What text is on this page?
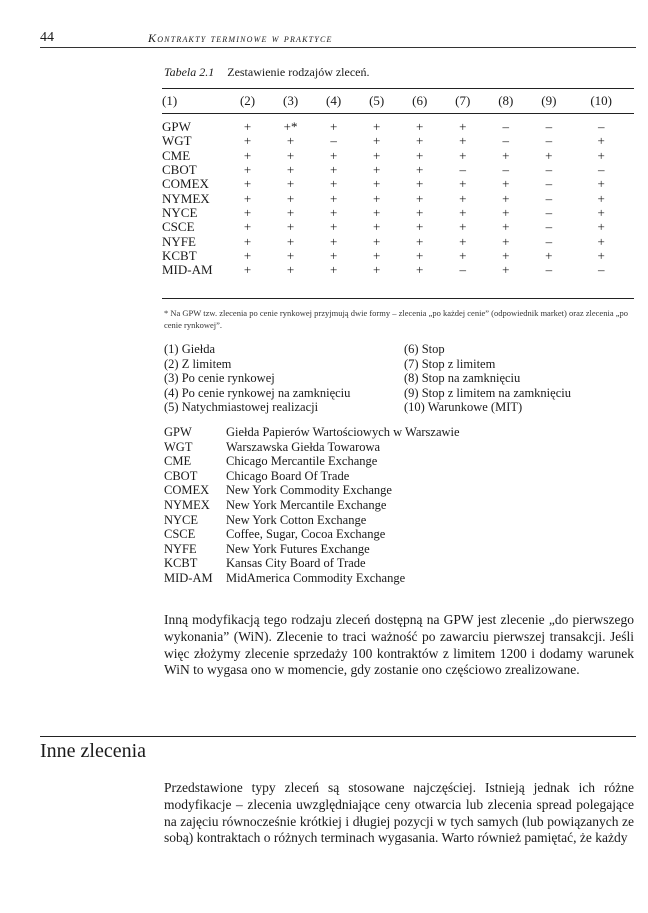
44	Kontrakty terminowe w praktyce
Tabela 2.1 Zestawienie rodzajów zleceń.
(1)	(2)	(3)	(4)	(5)	(6)	(7)	(8)	(9)	(10)
GPW	+	+*	+	+	+	+	–	–	–
WGT	+	+	–	+	+	+	–	–	+
CME	+	+	+	+	+	+	+	+	+
CBOT	+	+	+	+	+	–	–	–	–
COMEX	+	+	+	+	+	+	+	–	+
NYMEX	+	+	+	+	+	+	+	–	+
NYCE	+	+	+	+	+	+	+	–	+
CSCE	+	+	+	+	+	+	+	–	+
NYFE	+	+	+	+	+	+	+	–	+
KCBT	+	+	+	+	+	+	+	+	+
MID-AM	+	+	+	+	+	–	+	–	–
* Na GPW tzw. zlecenia po cenie rynkowej przyjmują dwie formy – zlecenia „po każdej cenie” (odpowiednik market) oraz zlecenia „po cenie rynkowej”.
(1) Giełda
(2) Z limitem
(3) Po cenie rynkowej
(4) Po cenie rynkowej na zamknięciu
(5) Natychmiastowej realizacji
(6) Stop
(7) Stop z limitem
(8) Stop na zamknięciu
(9) Stop z limitem na zamknięciu
(10) Warunkowe (MIT)
GPW	Giełda Papierów Wartościowych w Warszawie
WGT	Warszawska Giełda Towarowa
CME	Chicago Mercantile Exchange
CBOT	Chicago Board Of Trade
COMEX	New York Commodity Exchange
NYMEX	New York Mercantile Exchange
NYCE	New York Cotton Exchange
CSCE	Coffee, Sugar, Cocoa Exchange
NYFE	New York Futures Exchange
KCBT	Kansas City Board of Trade
MID-AM	MidAmerica Commodity Exchange
Inną modyfikacją tego rodzaju zleceń dostępną na GPW jest zlecenie „do pierwszego wykonania” (WiN). Zlecenie to traci ważność po zawarciu pierwszej transakcji. Jeśli więc złożymy zlecenie sprzedaży 100 kontraktów z limitem 1200 i dodamy warunek WiN to wygasa ono w momencie, gdy zostanie ono częściowo zrealizowane.
Inne zlecenia
Przedstawione typy zleceń są stosowane najczęściej. Istnieją jednak ich różne modyfikacje – zlecenia uwzględniające ceny otwarcia lub zlecenia spread polegające na zajęciu równocześnie krótkiej i długiej pozycji w tych samych (lub powiązanych ze sobą) kontraktach o różnych terminach wygasania. Warto również pamiętać, że każdy
